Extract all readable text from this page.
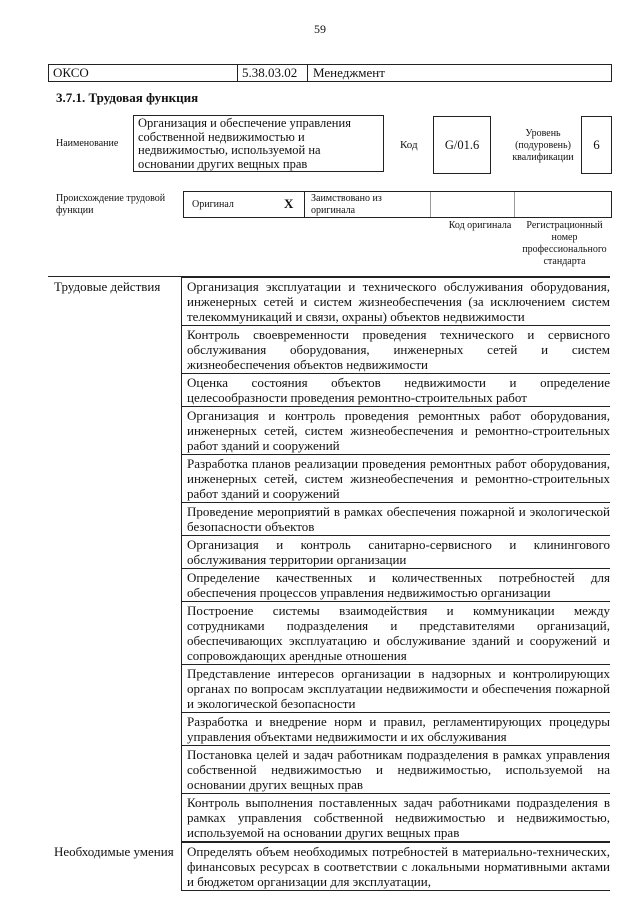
59
ОКСО	5.38.03.02 Менеджмент
3.7.1. Трудовая функция
Наименование
Организация и обеспечение управления собственной недвижимостью и недвижимостью, используемой на основании других вещных прав
Код	G/01.6
Уровень (подуровень) квалификации
6
Происхождение трудовой функции
Оригинал	X Заимствовано из оригинала
Код оригинала	Регистрационный номер профессионального стандарта
Трудовые действия	Организация эксплуатации и технического обслуживания оборудования, инженерных сетей и систем жизнеобеспечения (за исключением систем телекоммуникаций и связи, охраны) объектов недвижимости
Контроль своевременности проведения технического и сервисного обслуживания оборудования, инженерных сетей и систем жизнеобеспечения объектов недвижимости
Оценка состояния объектов недвижимости и определение целесообразности проведения ремонтно-строительных работ
Организация и контроль проведения ремонтных работ оборудования, инженерных сетей, систем жизнеобеспечения и ремонтно-строительных работ зданий и сооружений
Разработка планов реализации проведения ремонтных работ оборудования, инженерных сетей, систем жизнеобеспечения и ремонтно-строительных работ зданий и сооружений
Проведение мероприятий в рамках обеспечения пожарной и экологической безопасности объектов
Организация и контроль санитарно-сервисного и клинингового обслуживания территории организации
Определение качественных и количественных потребностей для обеспечения процессов управления недвижимостью организации
Построение системы взаимодействия и коммуникации между сотрудниками подразделения и представителями организаций, обеспечивающих эксплуатацию и обслуживание зданий и сооружений и сопровождающих арендные отношения
Представление интересов организации в надзорных и контролирующих органах по вопросам эксплуатации недвижимости и обеспечения пожарной и экологической безопасности
Разработка и внедрение норм и правил, регламентирующих процедуры управления объектами недвижимости и их обслуживания
Постановка целей и задач работникам подразделения в рамках управления собственной недвижимостью и недвижимостью, используемой на основании других вещных прав
Контроль выполнения поставленных задач работниками подразделения в рамках управления собственной недвижимостью и недвижимостью, используемой на основании других вещных прав
Необходимые умения	Определять объем необходимых потребностей в материально-технических, финансовых ресурсах в соответствии с локальными нормативными актами и бюджетом организации для эксплуатации,
